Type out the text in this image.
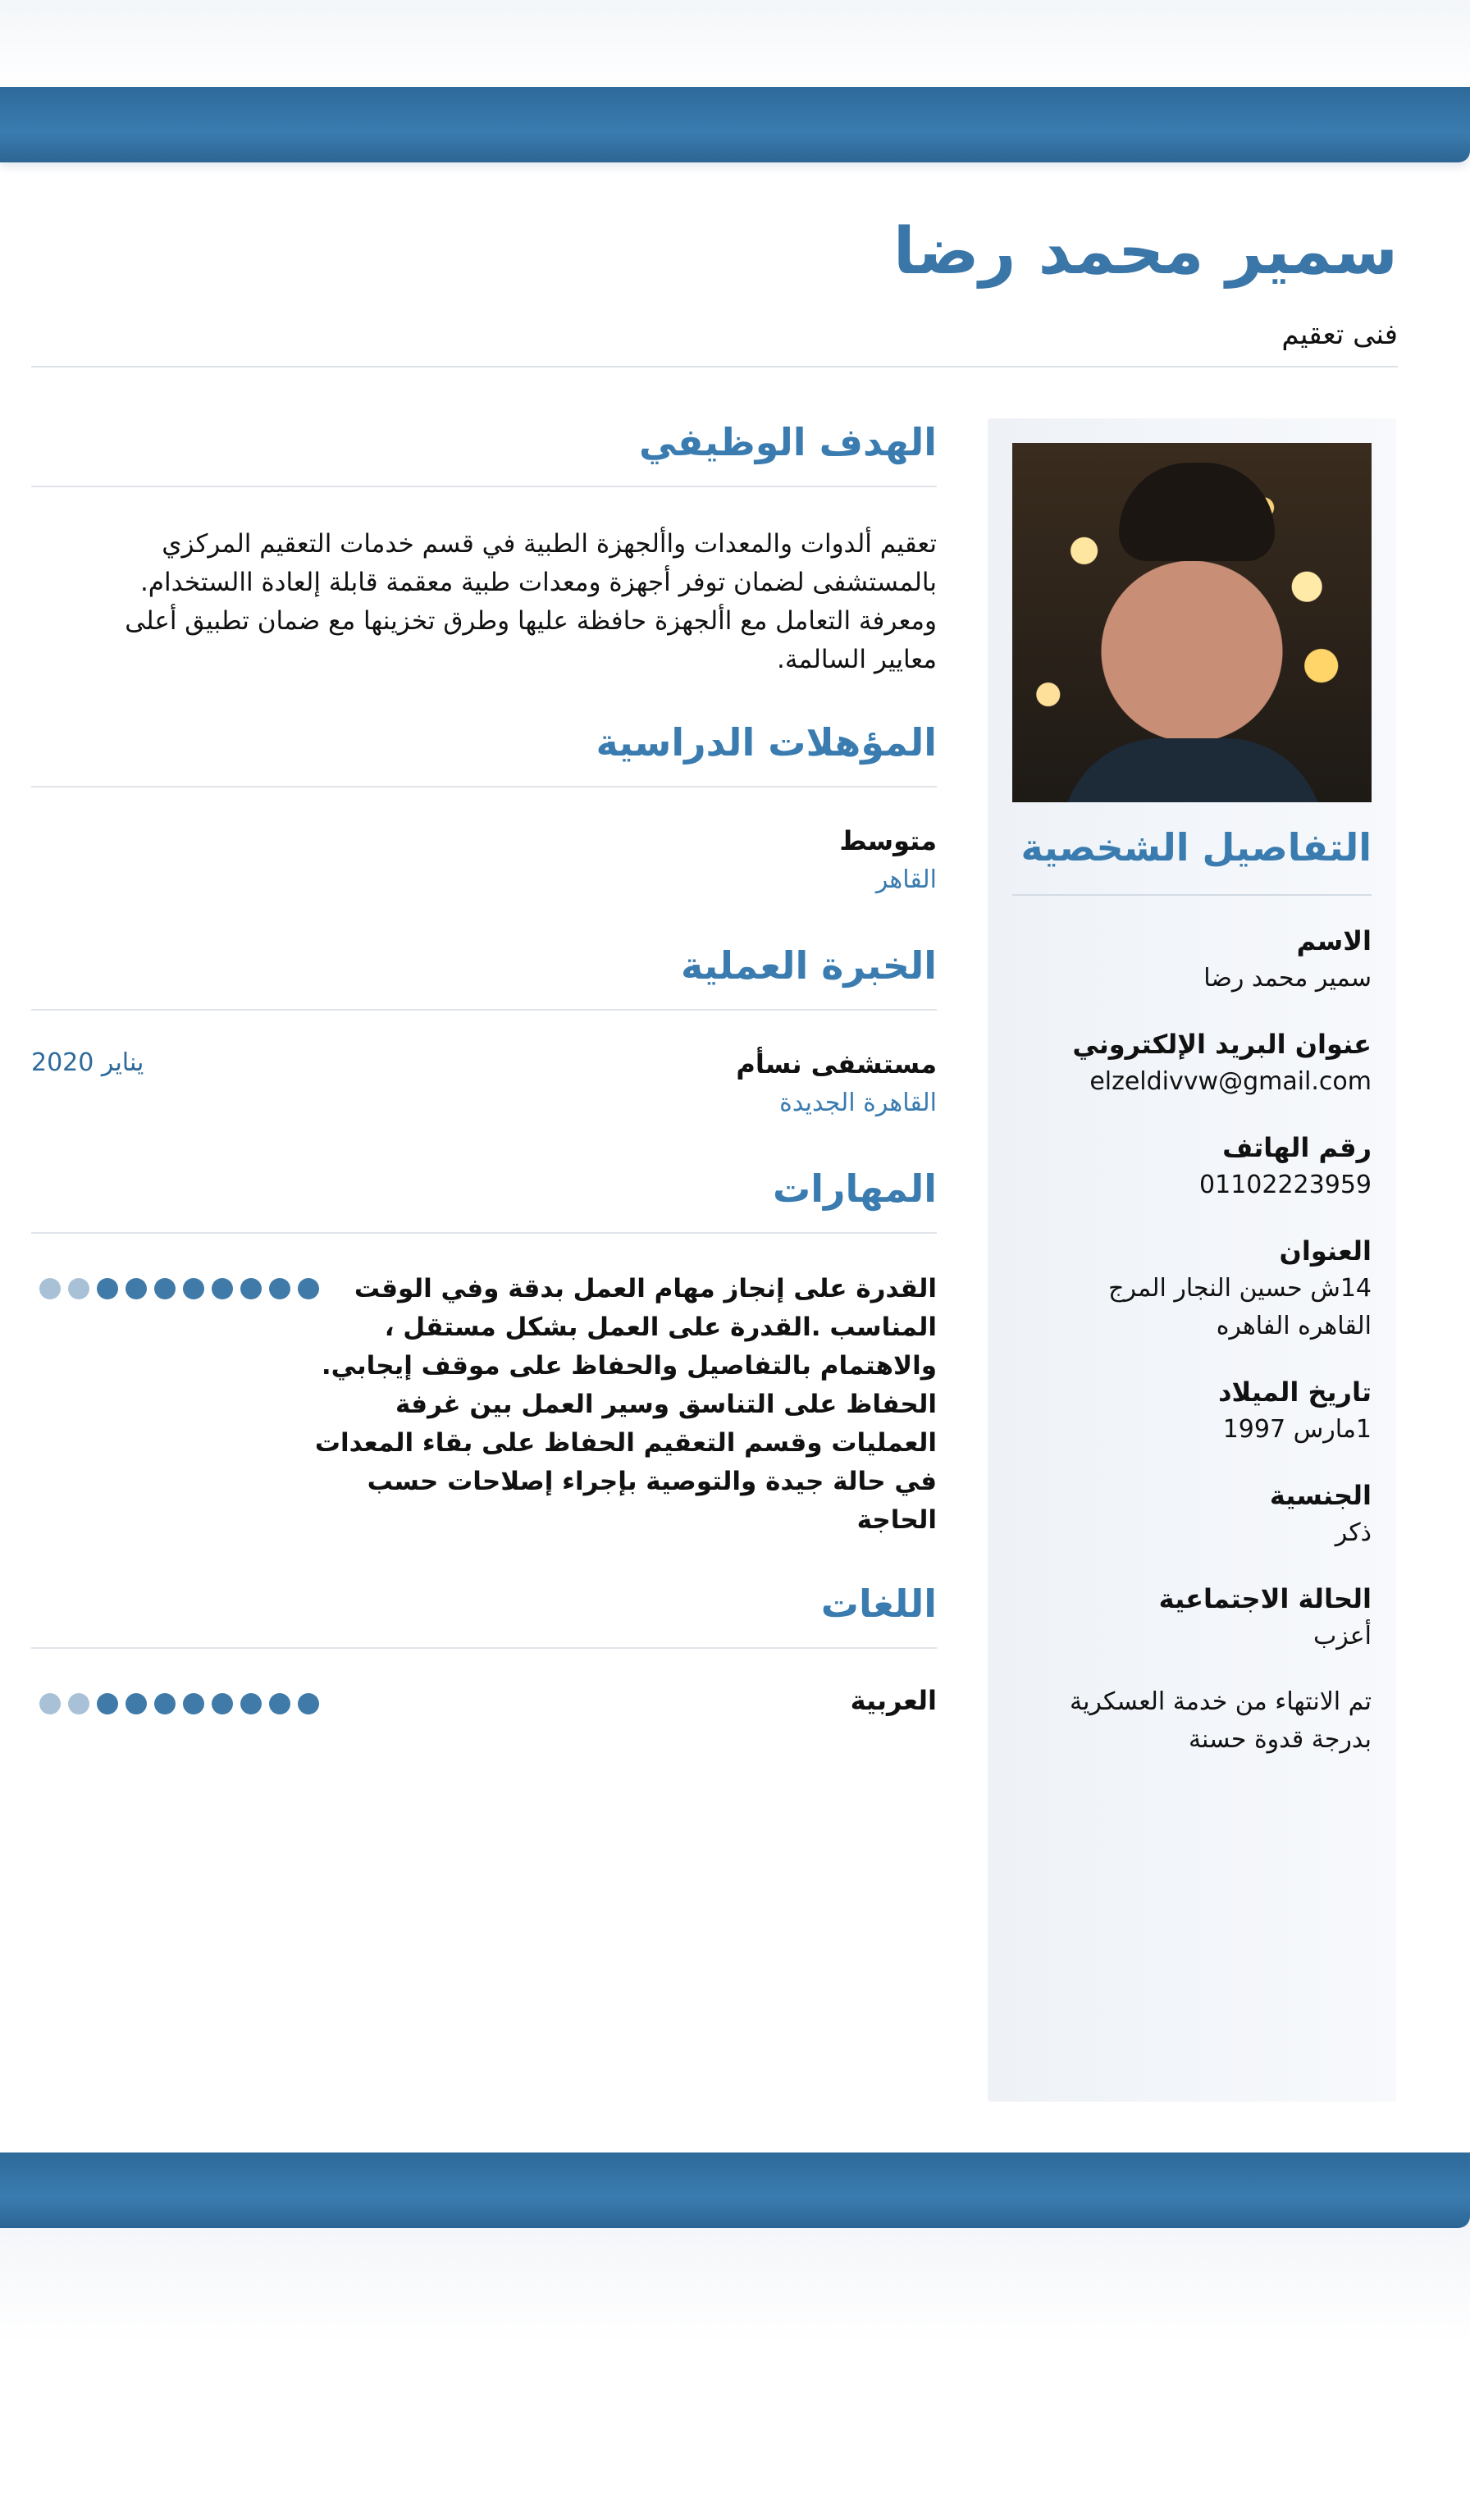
سمير محمد رضا
فنى تعقيم
الهدف الوظيفي
تعقيم ألدوات والمعدات واألجهزة الطبية في قسم خدمات التعقيم المركزي بالمستشفى لضمان توفر أجهزة ومعدات طبية معقمة قابلة إلعادة االستخدام. ومعرفة التعامل مع األجهزة حافظة عليها وطرق تخزينها مع ضمان تطبيق أعلى معايير السالمة.
المؤهلات الدراسية
متوسط
القاهر
الخبرة العملية
مستشفى نسأم
القاهرة الجديدة
يناير 2020
المهارات
القدرة على إنجاز مهام العمل بدقة وفي الوقت المناسب .القدرة على العمل بشكل مستقل ، والاهتمام بالتفاصيل والحفاظ على موقف إيجابي. الحفاظ على التناسق وسير العمل بين غرفة العمليات وقسم التعقيم الحفاظ على بقاء المعدات في حالة جيدة والتوصية بإجراء إصلاحات حسب الحاجة
اللغات
العربية
التفاصيل الشخصية
الاسم
سمير محمد رضا
عنوان البريد الإلكتروني
elzeldivvw@gmail.com
رقم الهاتف
01102223959
العنوان
14ش حسين النجار المرج
القاهره الفاهره
تاريخ الميلاد
1مارس 1997
الجنسية
ذكر
الحالة الاجتماعية
أعزب
تم الانتهاء من خدمة العسكرية
بدرجة قدوة حسنة
